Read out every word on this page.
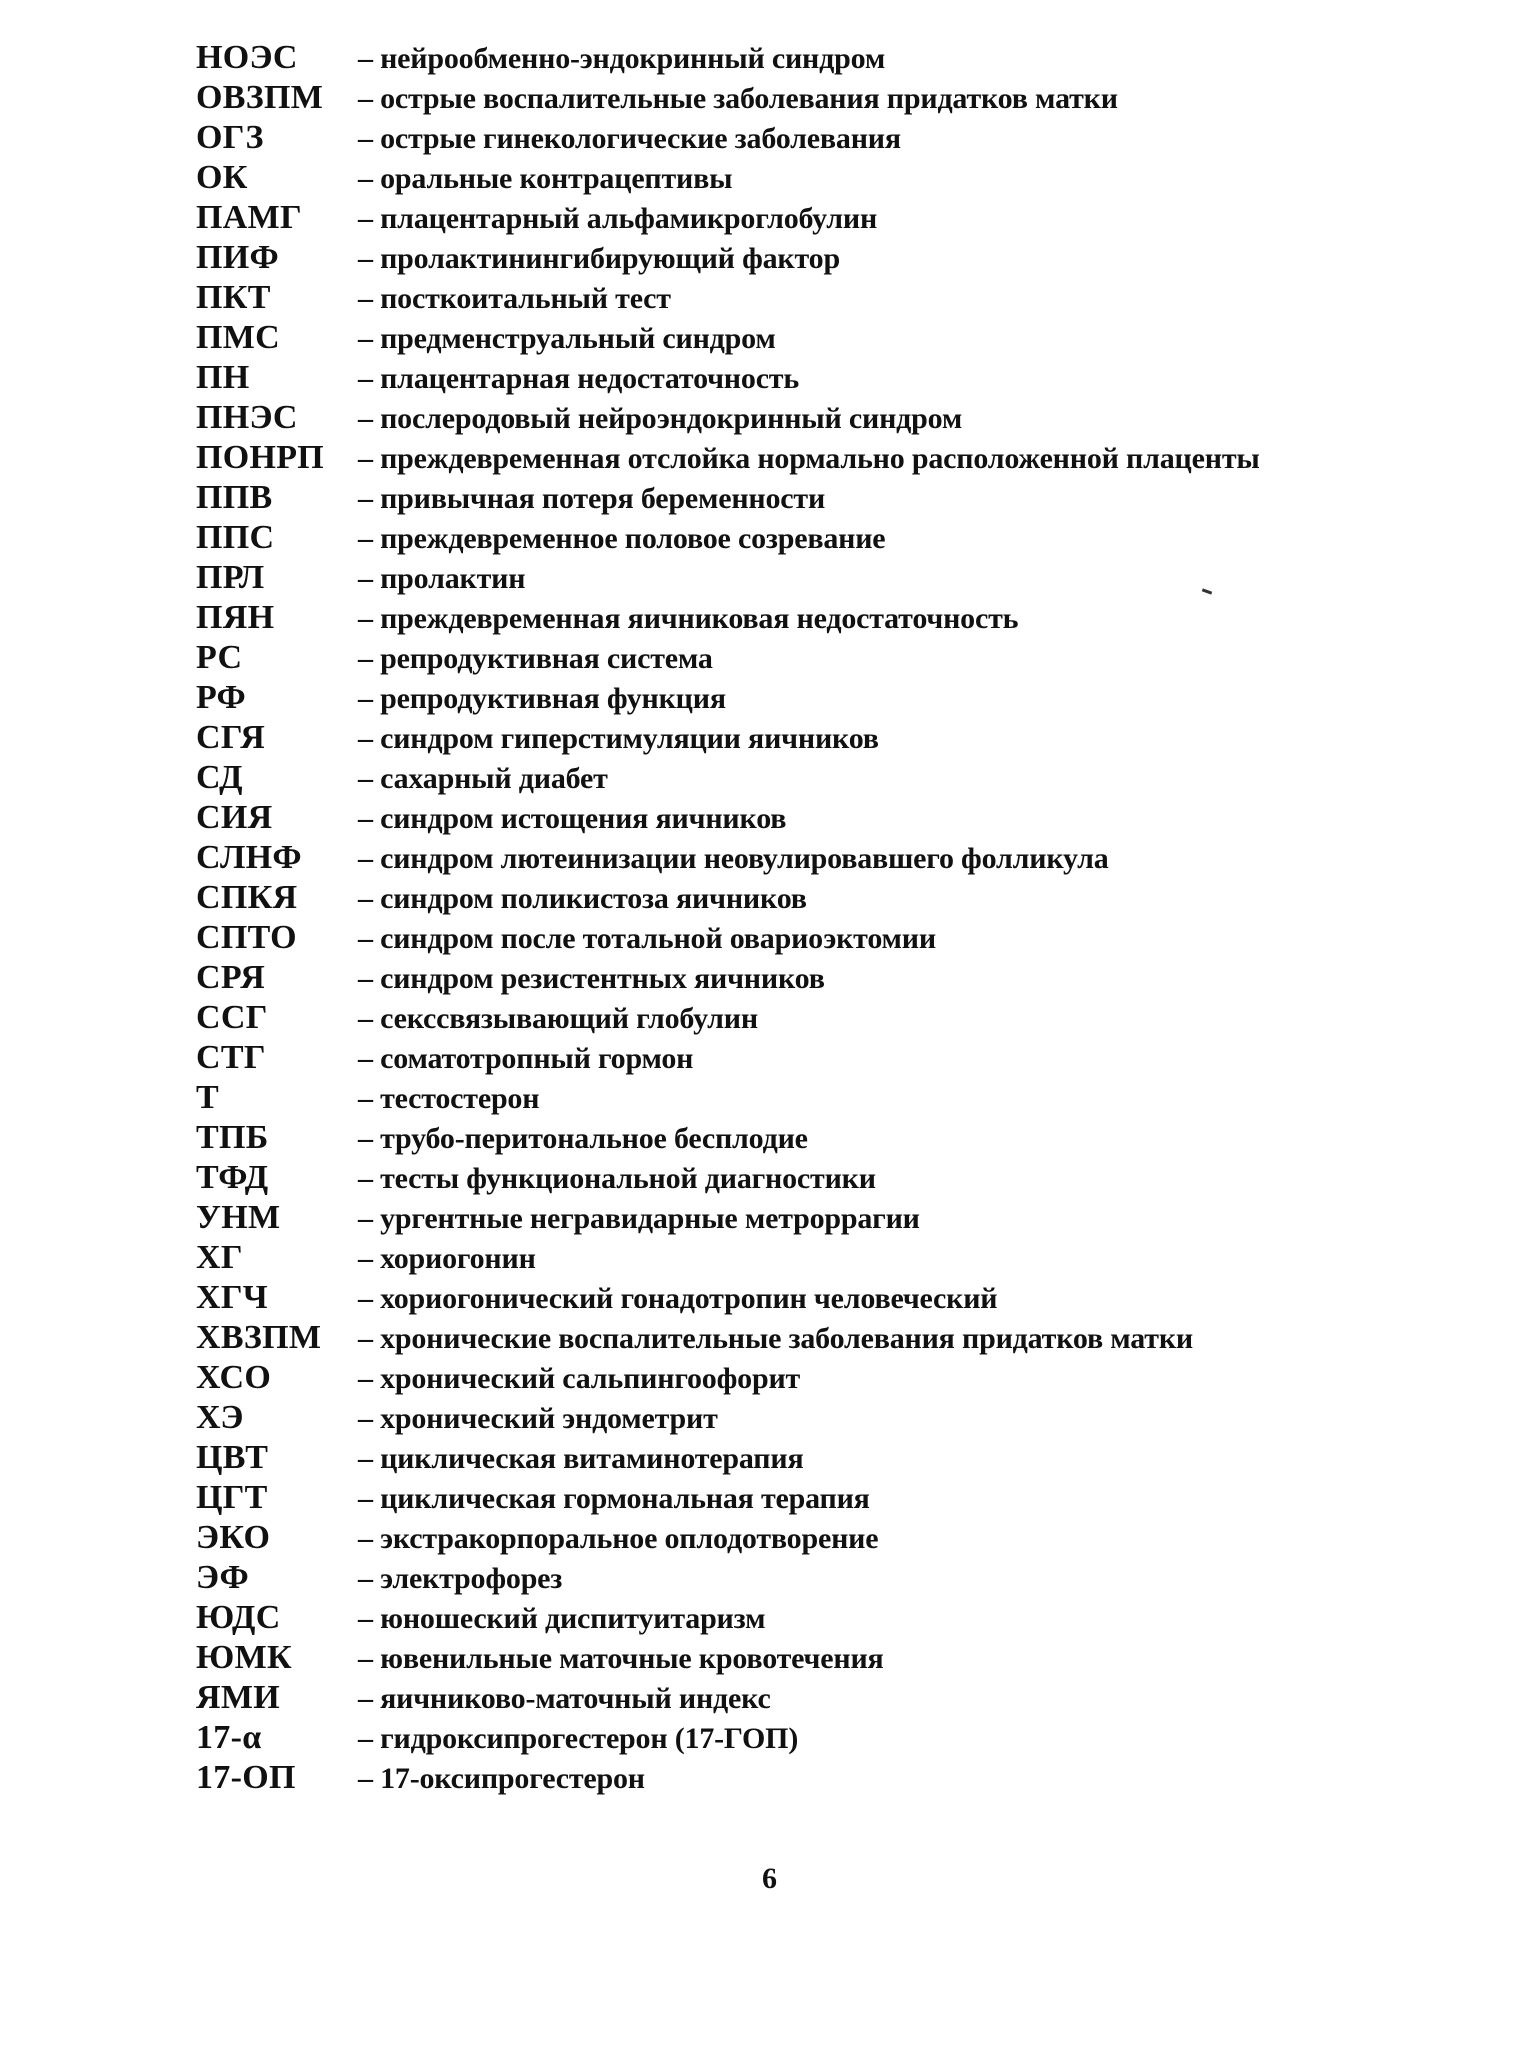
НОЭС	– нейрообменно-эндокринный синдром
ОВЗПМ	– острые воспалительные заболевания придатков матки
ОГЗ	– острые гинекологические заболевания
ОК	– оральные контрацептивы
ПАМГ	– плацентарный альфамикроглобулин
ПИФ	– пролактинингибирующий фактор
ПКТ	– посткоитальный тест
ПМС	– предменструальный синдром
ПН	– плацентарная недостаточность
ПНЭС	– послеродовый нейроэндокринный синдром
ПОНРП	– преждевременная отслойка нормально расположенной плаценты
ППВ	– привычная потеря беременности
ППС	– преждевременное половое созревание
ПРЛ	– пролактин
ПЯН	– преждевременная яичниковая недостаточность
РС	– репродуктивная система
РФ	– репродуктивная функция
СГЯ	– синдром гиперстимуляции яичников
СД	– сахарный диабет
СИЯ	– синдром истощения яичников
СЛНФ	– синдром лютеинизации неовулировавшего фолликула
СПКЯ	– синдром поликистоза яичников
СПТО	– синдром после тотальной овариоэктомии
СРЯ	– синдром резистентных яичников
ССГ	– сексcвязывающий глобулин
СТГ	– соматотропный гормон
Т	– тестостерон
ТПБ	– трубо-перитональное бесплодие
ТФД	– тесты функциональной диагностики
УНМ	– ургентные негравидарные метроррагии
ХГ	– хориогонин
ХГЧ	– хориогонический гонадотропин человеческий
ХВЗПМ	– хронические воспалительные заболевания придатков матки
ХСО	– хронический сальпингоофорит
ХЭ	– хронический эндометрит
ЦВТ	– циклическая витаминотерапия
ЦГТ	– циклическая гормональная терапия
ЭКО	– экстракорпоральное оплодотворение
ЭФ	– электрофорез
ЮДС	– юношеский диспитуитаризм
ЮМК	– ювенильные маточные кровотечения
ЯМИ	– яичниково-маточный индекс
17-α	– гидроксипрогестерон (17-ГОП)
17-ОП	– 17-оксипрогестерон
6
